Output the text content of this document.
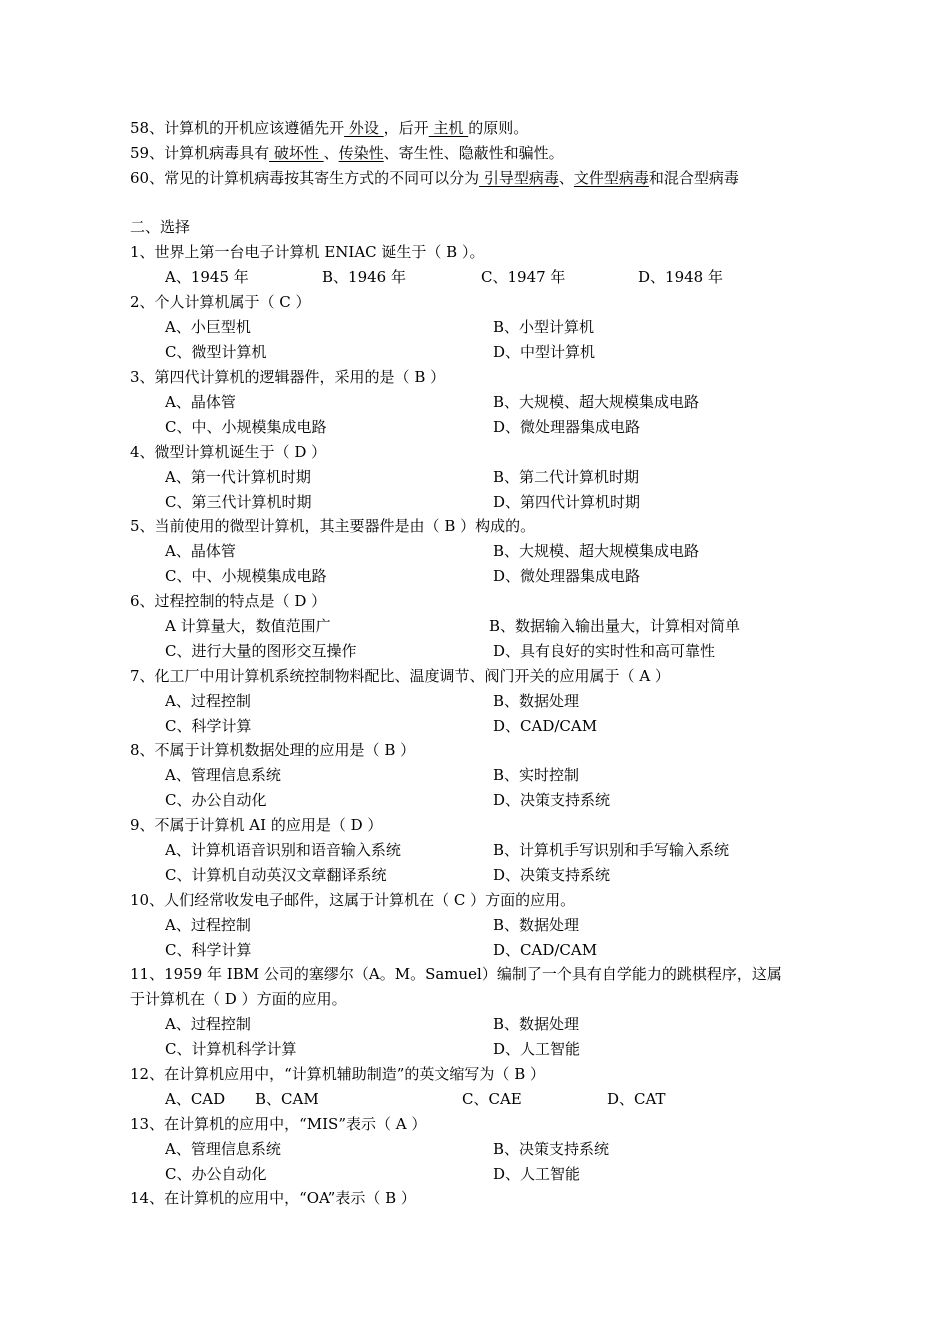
58、计算机的开机应该遵循先开 外设 ，后开 主机 的原则。
59、计算机病毒具有 破坏性 、传染性、寄生性、隐蔽性和骗性。
60、常见的计算机病毒按其寄生方式的不同可以分为 引导型病毒、文件型病毒和混合型病毒
二、选择
1、世界上第一台电子计算机 ENIAC 诞生于（ B ）。
A、1945 年	B、1946 年	C、1947 年	D、1948 年
2、个人计算机属于（ C ）
A、小巨型机	B、小型计算机
C、微型计算机	D、中型计算机
3、第四代计算机的逻辑器件，采用的是（ B ）
A、晶体管	B、大规模、超大规模集成电路
C、中、小规模集成电路	D、微处理器集成电路
4、微型计算机诞生于（ D ）
A、第一代计算机时期	B、第二代计算机时期
C、第三代计算机时期	D、第四代计算机时期
5、当前使用的微型计算机，其主要器件是由（ B ）构成的。
A、晶体管	B、大规模、超大规模集成电路
C、中、小规模集成电路	D、微处理器集成电路
6、过程控制的特点是（ D ）
A 计算量大，数值范围广	B、数据输入输出量大，计算相对简单
C、进行大量的图形交互操作	D、具有良好的实时性和高可靠性
7、化工厂中用计算机系统控制物料配比、温度调节、阀门开关的应用属于（ A ）
A、过程控制	B、数据处理
C、科学计算	D、CAD/CAM
8、不属于计算机数据处理的应用是（ B ）
A、管理信息系统	B、实时控制
C、办公自动化	D、决策支持系统
9、不属于计算机 AI 的应用是（ D ）
A、计算机语音识别和语音输入系统	B、计算机手写识别和手写输入系统
C、计算机自动英汉文章翻译系统	D、决策支持系统
10、人们经常收发电子邮件，这属于计算机在（ C ）方面的应用。
A、过程控制	B、数据处理
C、科学计算	D、CAD/CAM
11、1959 年 IBM 公司的塞缪尔（A。M。Samuel）编制了一个具有自学能力的跳棋程序，这属
于计算机在（ D ）方面的应用。
A、过程控制	B、数据处理
C、计算机科学计算	D、人工智能
12、在计算机应用中，“计算机辅助制造”的英文缩写为（ B ）
A、CAD B、CAM	C、CAE	D、CAT
13、在计算机的应用中，“MIS”表示（ A ）
A、管理信息系统	B、决策支持系统
C、办公自动化	D、人工智能
14、在计算机的应用中，“OA”表示（ B ）
